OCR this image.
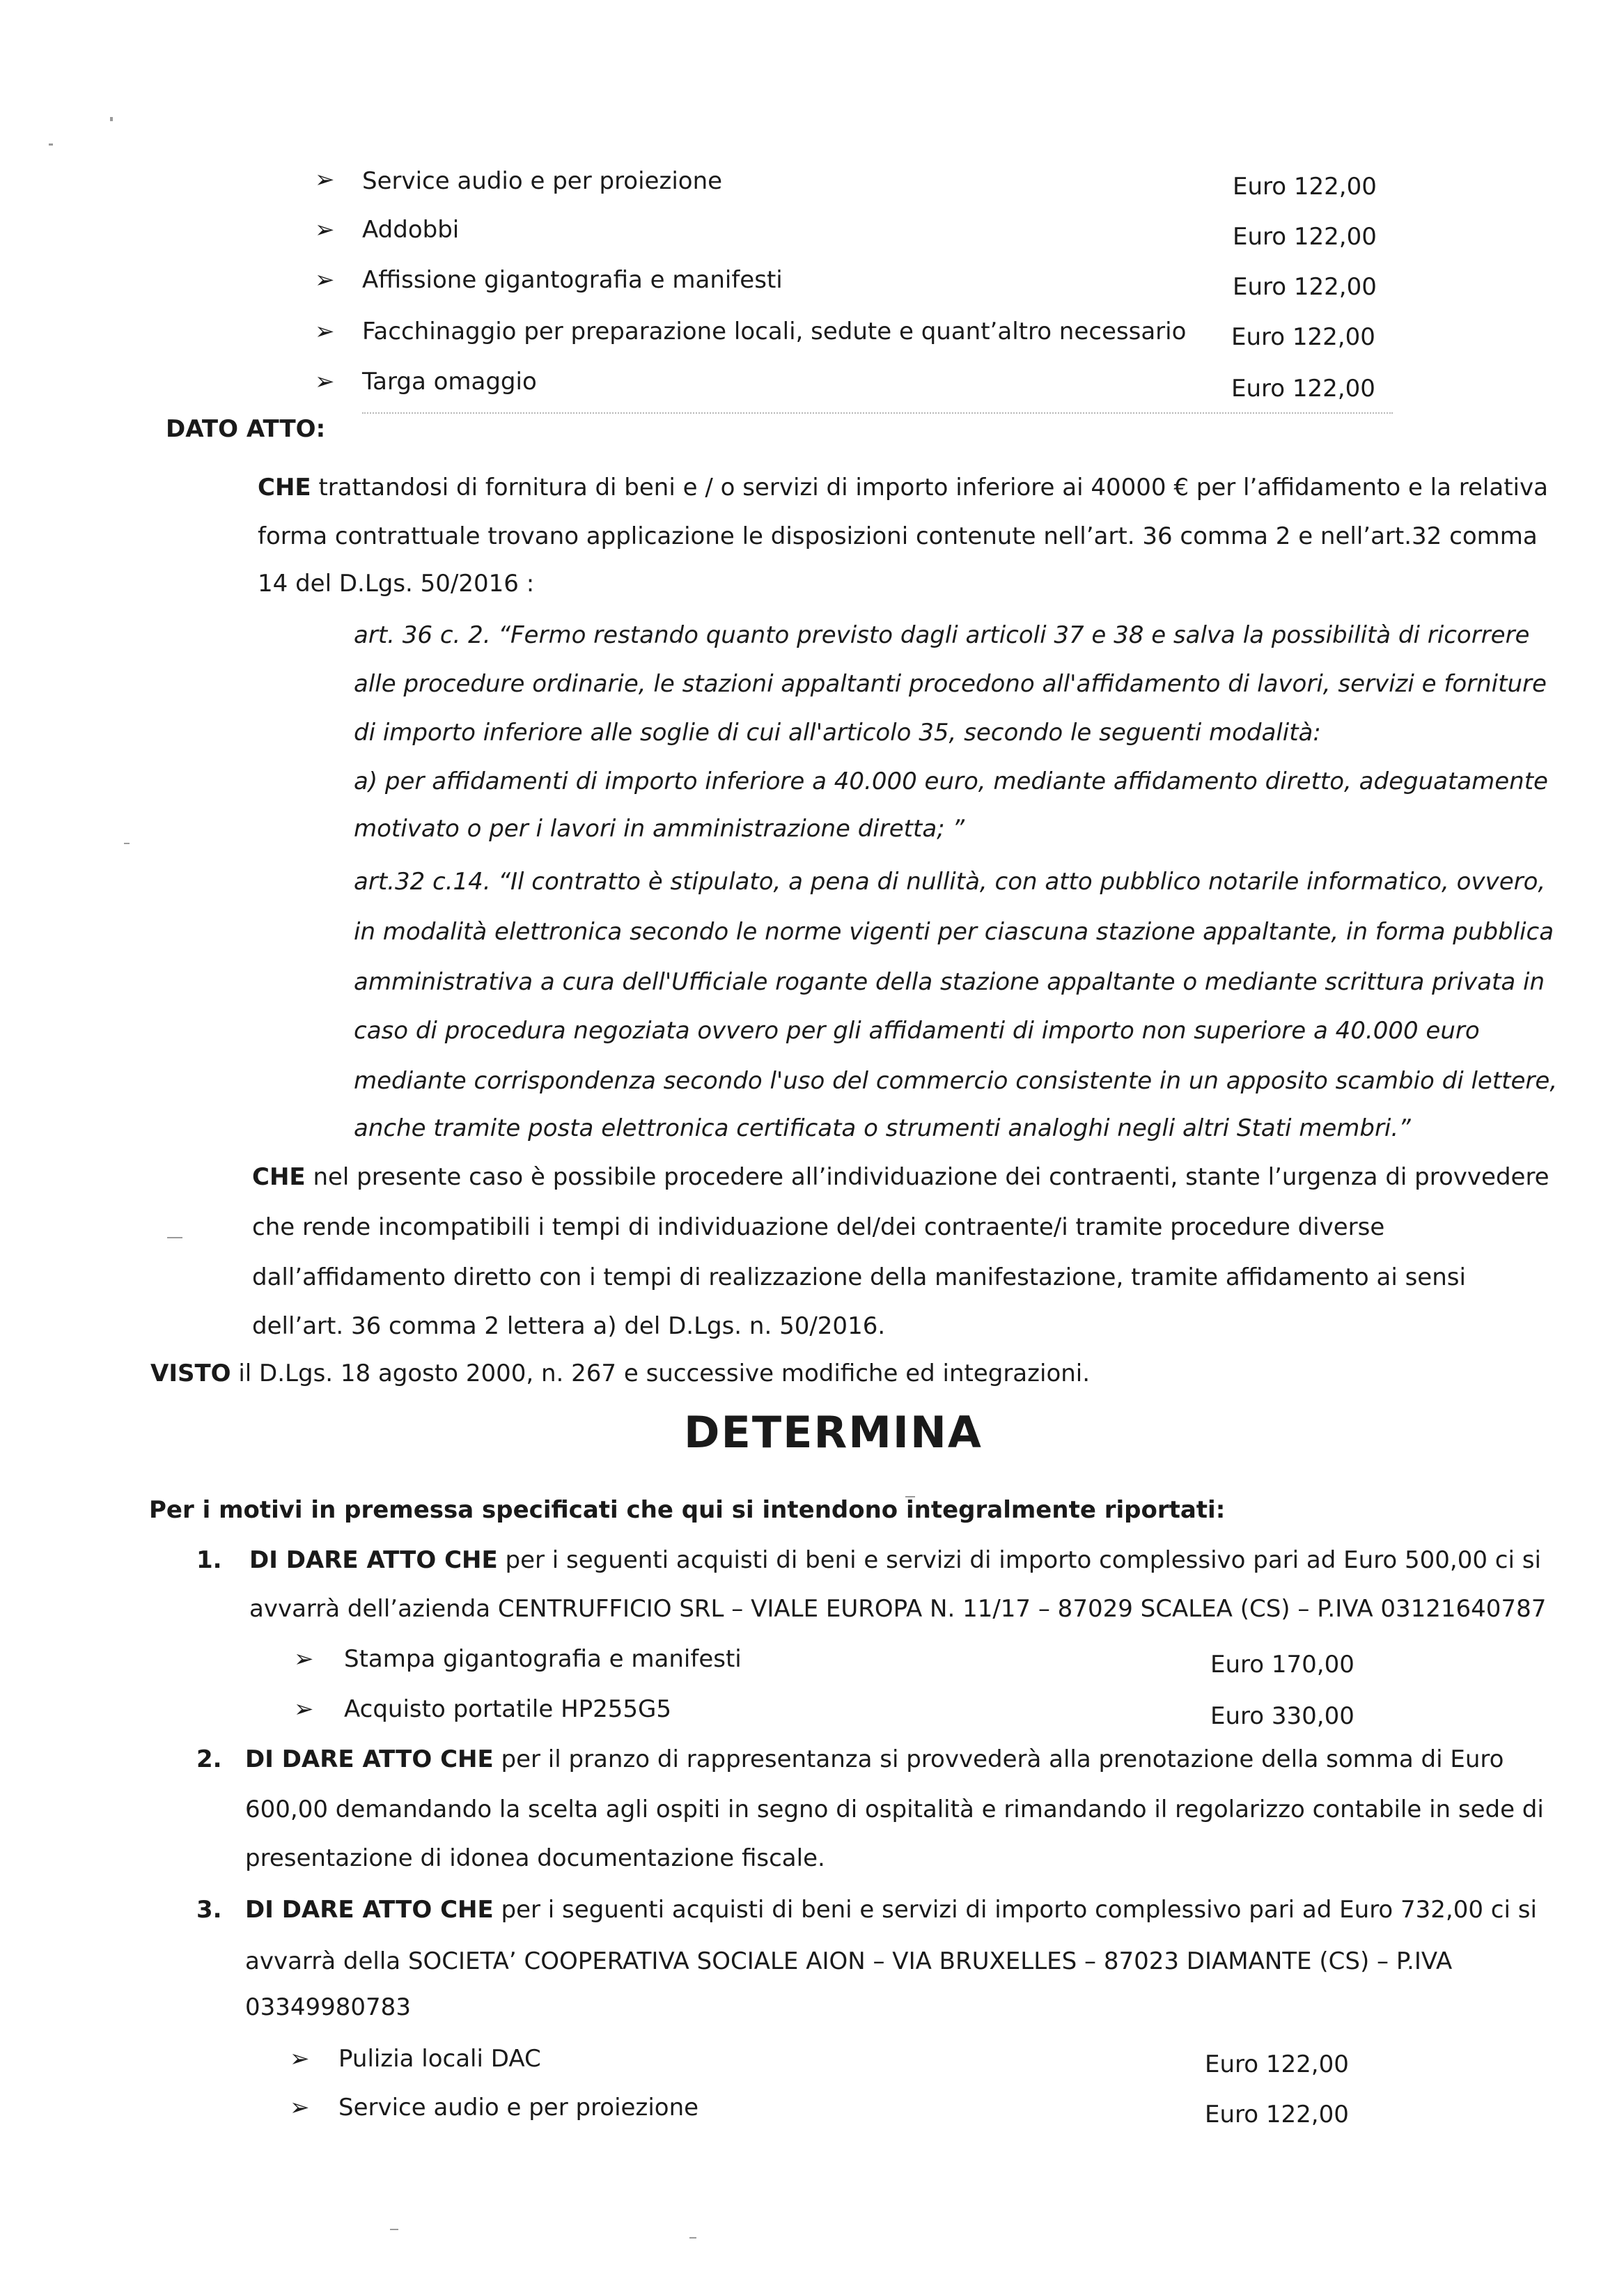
➢ Service audio e per proiezione	Euro 122,00
➢ Addobbi	Euro 122,00
➢ Affissione gigantografia e manifesti	Euro 122,00
➢ Facchinaggio per preparazione locali, sedute e quant’altro necessario Euro 122,00
➢ Targa omaggio	Euro 122,00
DATO ATTO:
CHE trattandosi di fornitura di beni e / o servizi di importo inferiore ai 40000 € per l’affidamento e la relativa
forma contrattuale trovano applicazione le disposizioni contenute nell’art. 36 comma 2 e nell’art.32 comma
14 del D.Lgs. 50/2016 :
art. 36 c. 2. “Fermo restando quanto previsto dagli articoli 37 e 38 e salva la possibilità di ricorrere
alle procedure ordinarie, le stazioni appaltanti procedono all'affidamento di lavori, servizi e forniture
di importo inferiore alle soglie di cui all'articolo 35, secondo le seguenti modalità:
a) per affidamenti di importo inferiore a 40.000 euro, mediante affidamento diretto, adeguatamente
motivato o per i lavori in amministrazione diretta; ”
art.32 c.14. “Il contratto è stipulato, a pena di nullità, con atto pubblico notarile informatico, ovvero,
in modalità elettronica secondo le norme vigenti per ciascuna stazione appaltante, in forma pubblica
amministrativa a cura dell'Ufficiale rogante della stazione appaltante o mediante scrittura privata in
caso di procedura negoziata ovvero per gli affidamenti di importo non superiore a 40.000 euro
mediante corrispondenza secondo l'uso del commercio consistente in un apposito scambio di lettere,
anche tramite posta elettronica certificata o strumenti analoghi negli altri Stati membri.”
CHE nel presente caso è possibile procedere all’individuazione dei contraenti, stante l’urgenza di provvedere
che rende incompatibili i tempi di individuazione del/dei contraente/i tramite procedure diverse
dall’affidamento diretto con i tempi di realizzazione della manifestazione, tramite affidamento ai sensi
dell’art. 36 comma 2 lettera a) del D.Lgs. n. 50/2016.
VISTO il D.Lgs. 18 agosto 2000, n. 267 e successive modifiche ed integrazioni.
DETERMINA
Per i motivi in premessa specificati che qui si intendono integralmente riportati:
1. DI DARE ATTO CHE per i seguenti acquisti di beni e servizi di importo complessivo pari ad Euro 500,00 ci si
avvarrà dell’azienda CENTRUFFICIO SRL – VIALE EUROPA N. 11/17 – 87029 SCALEA (CS) – P.IVA 03121640787
➢ Stampa gigantografia e manifesti	Euro 170,00
➢ Acquisto portatile HP255G5	Euro 330,00
2. DI DARE ATTO CHE per il pranzo di rappresentanza si provvederà alla prenotazione della somma di Euro
600,00 demandando la scelta agli ospiti in segno di ospitalità e rimandando il regolarizzo contabile in sede di
presentazione di idonea documentazione fiscale.
3. DI DARE ATTO CHE per i seguenti acquisti di beni e servizi di importo complessivo pari ad Euro 732,00 ci si
avvarrà della SOCIETA’ COOPERATIVA SOCIALE AION – VIA BRUXELLES – 87023 DIAMANTE (CS) – P.IVA
03349980783
➢ Pulizia locali DAC	Euro 122,00
➢ Service audio e per proiezione	Euro 122,00
